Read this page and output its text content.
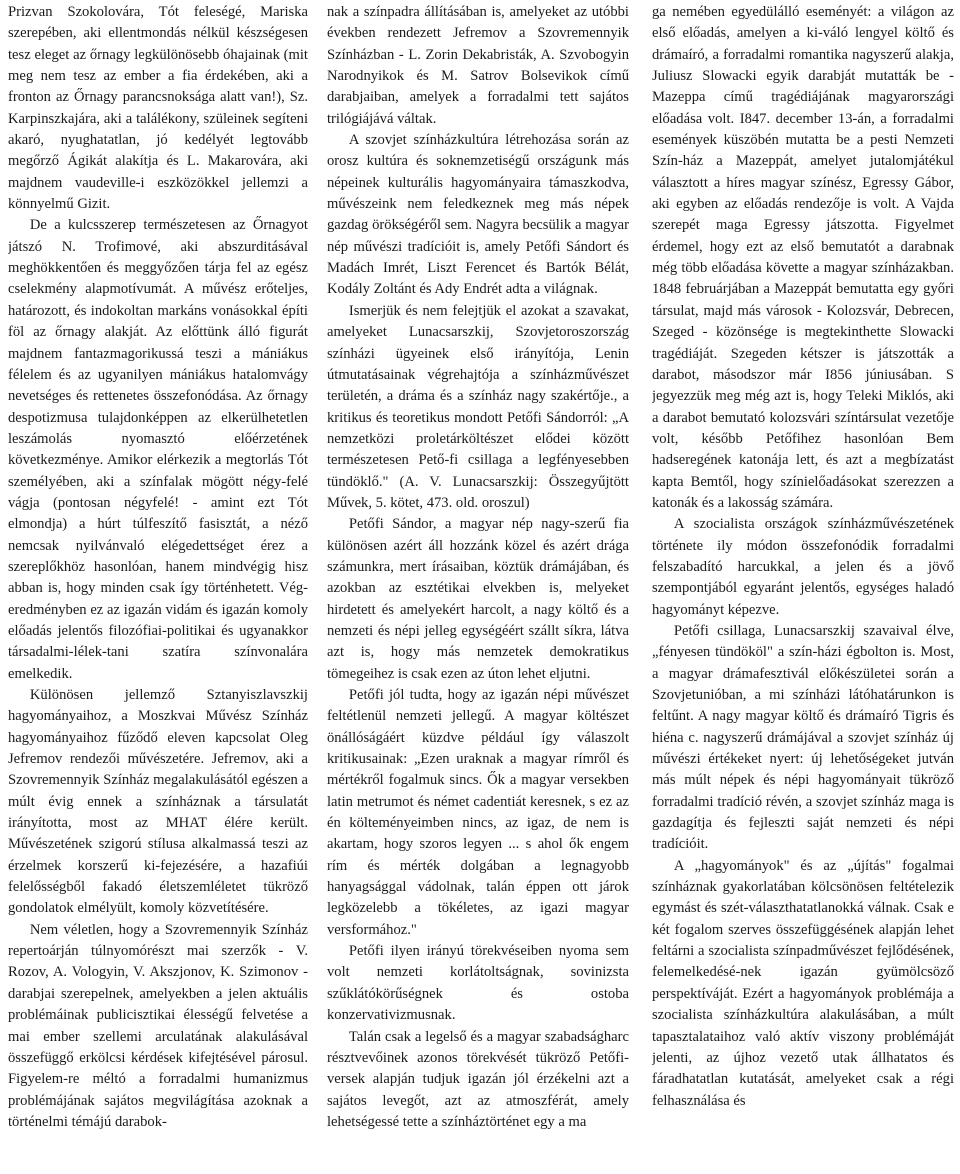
Prizvan Szokolovára, Tót feleségé, Mariska szerepében, aki ellentmondás nélkül készségesen tesz eleget az őrnagy legkülönösebb óhajainak (mit meg nem tesz az ember a fia érdekében, aki a fronton az Őrnagy parancsnoksága alatt van!), Sz. Karpinszkajára, aki a találékony, szüleinek segíteni akaró, nyughatatlan, jó kedélyét legtovább megőrző Ágikát alakítja és L. Makarovára, aki majdnem vaudeville-i eszközökkel jellemzi a könnyelmű Gizit.

De a kulcsszerep természetesen az Őrnagyot játszó N. Trofimové, aki abszurditásával meghökkentően és meggyőzően tárja fel az egész cselekmény alapmotívumát. A művész erőteljes, határozott, és indokoltan markáns vonásokkal építi föl az őrnagy alakját. Az előttünk álló figurát majdnem fantazmagorikussá teszi a mániákus félelem és az ugyanilyen mániákus hatalomvágy nevetséges és rettenetes összefonódása. Az őrnagy despotizmusa tulajdonképpen az elkerülhetetlen leszámolás nyomasztó előérzetének következménye. Amikor elérkezik a megtorlás Tót személyében, aki a színfalak mögött négy-felé vágja (pontosan négyfelé! - amint ezt Tót elmondja) a húrt túlfeszítő fasisztát, a néző nemcsak nyilvánvaló elégedettséget érez a szereplőkhöz hasonlóan, hanem mindvégig hisz abban is, hogy minden csak így történhetett. Vég-eredményben ez az igazán vidám és igazán komoly előadás jelentős filozófiai-politikai és ugyanakkor társadalmi-lélek-tani szatíra színvonalára emelkedik.

Különösen jellemző Sztanyiszlavszkij hagyományaihoz, a Moszkvai Művész Színház hagyományaihoz fűződő eleven kapcsolat Oleg Jefremov rendezői művészetére. Jefremov, aki a Szovremennyik Színház megalakulásától egészen a múlt évig ennek a színháznak a társulatát irányította, most az MHAT élére került. Művészetének szigorú stílusa alkalmassá teszi az érzelmek korszerű ki-fejezésére, a hazafiúi felelősségből fakadó életszemléletet tükröző gondolatok elmélyült, komoly közvetítésére.

Nem véletlen, hogy a Szovremennyik Színház repertoárján túlnyomórészt mai szerzők - V. Rozov, A. Vologyin, V. Akszjonov, K. Szimonov - darabjai szerepelnek, amelyekben a jelen aktuális problémáinak publicisztikai élességű felvetése a mai ember szellemi arculatának alakulásával összefüggő erkölcsi kérdések kifejtésével párosul. Figyelem-re méltó a forradalmi humanizmus problémájának sajátos megvilágítása azoknak a történelmi témájú darabok-

nak a színpadra állításában is, amelyeket az utóbbi években rendezett Jefremov a Szovremennyik Színházban - L. Zorin Dekabristák, A. Szvobogyin Narodnyikok és M. Satrov Bolsevikok című darabjaiban, amelyek a forradalmi tett sajátos trilógiájává váltak.

A szovjet színházkultúra létrehozása során az orosz kultúra és soknemzetiségű országunk más népeinek kulturális hagyományaira támaszkodva, művészeink nem feledkeznek meg más népek gazdag örökségéről sem. Nagyra becsülik a magyar nép művészi tradícióit is, amely Petőfi Sándort és Madách Imrét, Liszt Ferencet és Bartók Bélát, Kodály Zoltánt és Ady Endrét adta a világnak.

Ismerjük és nem felejtjük el azokat a szavakat, amelyeket Lunacsarszkij, Szovjetoroszország színházi ügyeinek első irányítója, Lenin útmutatásainak végrehajtója a színházművészet területén, a dráma és a színház nagy szakértője., a kritikus és teoretikus mondott Petőfi Sándorról: „A nemzetközi proletárköltészet elődei között természetesen Pető-fi csillaga a legfényesebben tündöklő." (A. V. Lunacsarszkij: Összegyűjtött Művek, 5. kötet, 473. old. oroszul)

Petőfi Sándor, a magyar nép nagy-szerű fia különösen azért áll hozzánk közel és azért drága számunkra, mert írásaiban, köztük drámájában, és azokban az esztétikai elvekben is, melyeket hirdetett és amelyekért harcolt, a nagy költő és a nemzeti és népi jelleg egységéért szállt síkra, látva azt is, hogy más nemzetek demokratikus tömegeihez is csak ezen az úton lehet eljutni.

Petőfi jól tudta, hogy az igazán népi művészet feltétlenül nemzeti jellegű. A magyar költészet önállóságáért küzdve például így válaszolt kritikusainak: „Ezen uraknak a magyar rímről és mértékről fogalmuk sincs. Ők a magyar versekben latin metrumot és német cadentiát keresnek, s ez az én költeményeimben nincs, az igaz, de nem is akartam, hogy szoros legyen ... s ahol ők engem rím és mérték dolgában a legnagyobb hanyagsággal vádolnak, talán éppen ott járok legközelebb a tökéletes, az igazi magyar versformához."

Petőfi ilyen irányú törekvéseiben nyoma sem volt nemzeti korlátoltságnak, sovinizsta szűklátókörűségnek és ostoba konzervativizmusnak.

Talán csak a legelső és a magyar szabadságharc résztvevőinek azonos törekvését tükröző Petőfi-versek alapján tudjuk igazán jól érzékelni azt a sajátos levegőt, azt az atmoszférát, amely lehetségessé tette a színháztörténet egy a ma

ga nemében egyedülálló eseményét: a világon az első előadás, amelyen a ki-váló lengyel költő és drámaíró, a forradalmi romantika nagyszerű alakja, Juliusz Slowacki egyik darabját mutatták be - Mazeppa című tragédiájának magyarországi előadása volt. I847. december 13-án, a forradalmi események küszöbén mutatta be a pesti Nemzeti Szín-ház a Mazeppát, amelyet jutalomjátékul választott a híres magyar színész, Egressy Gábor, aki egyben az előadás rendezője is volt. A Vajda szerepét maga Egressy játszotta. Figyelmet érdemel, hogy ezt az első bemutatót a darabnak még több előadása követte a magyar színházakban. 1848 februárjában a Mazeppát bemutatta egy győri társulat, majd más városok - Kolozsvár, Debrecen, Szeged - közönsége is megtekinthette Slowacki tragédiáját. Szegeden kétszer is játszották a darabot, másodszor már I856 júniusában. S jegyezzük meg még azt is, hogy Teleki Miklós, aki a darabot bemutató kolozsvári színtársulat vezetője volt, később Petőfihez hasonlóan Bem hadseregének katonája lett, és azt a megbízatást kapta Bemtől, hogy színielőadásokat szerezzen a katonák és a lakosság számára.

A szocialista országok színházművészetének története ily módon összefonódik forradalmi felszabadító harcukkal, a jelen és a jövő szempontjából egyaránt jelentős, egységes haladó hagyományt képezve.

Petőfi csillaga, Lunacsarszkij szavaival élve, „fényesen tündököl" a szín-házi égbolton is. Most, a magyar drámafesztivál előkészületei során a Szovjetunióban, a mi színházi látóhatárunkon is feltűnt. A nagy magyar költő és drámaíró Tigris és hiéna c. nagyszerű drámájával a szovjet színház új művészi értékeket nyert: új lehetőségeket jutván más múlt népek és népi hagyományait tükröző forradalmi tradíció révén, a szovjet színház maga is gazdagítja és fejleszti saját nemzeti és népi tradícióit.

A „hagyományok" és az „újítás" fogalmai színháznak gyakorlatában kölcsönösen feltételezik egymást és szét-választhatatlanokká válnak. Csak e két fogalom szerves összefüggésének alapján lehet feltárni a szocialista színpadművészet fejlődésének, felemelkedésé-nek igazán gyümölcsöző perspektíváját. Ezért a hagyományok problémája a szocialista színházkultúra alakulásában, a múlt tapasztalataihoz való aktív viszony problémáját jelenti, az újhoz vezető utak állhatatos és fáradhatatlan kutatását, amelyeket csak a régi felhasználása és
